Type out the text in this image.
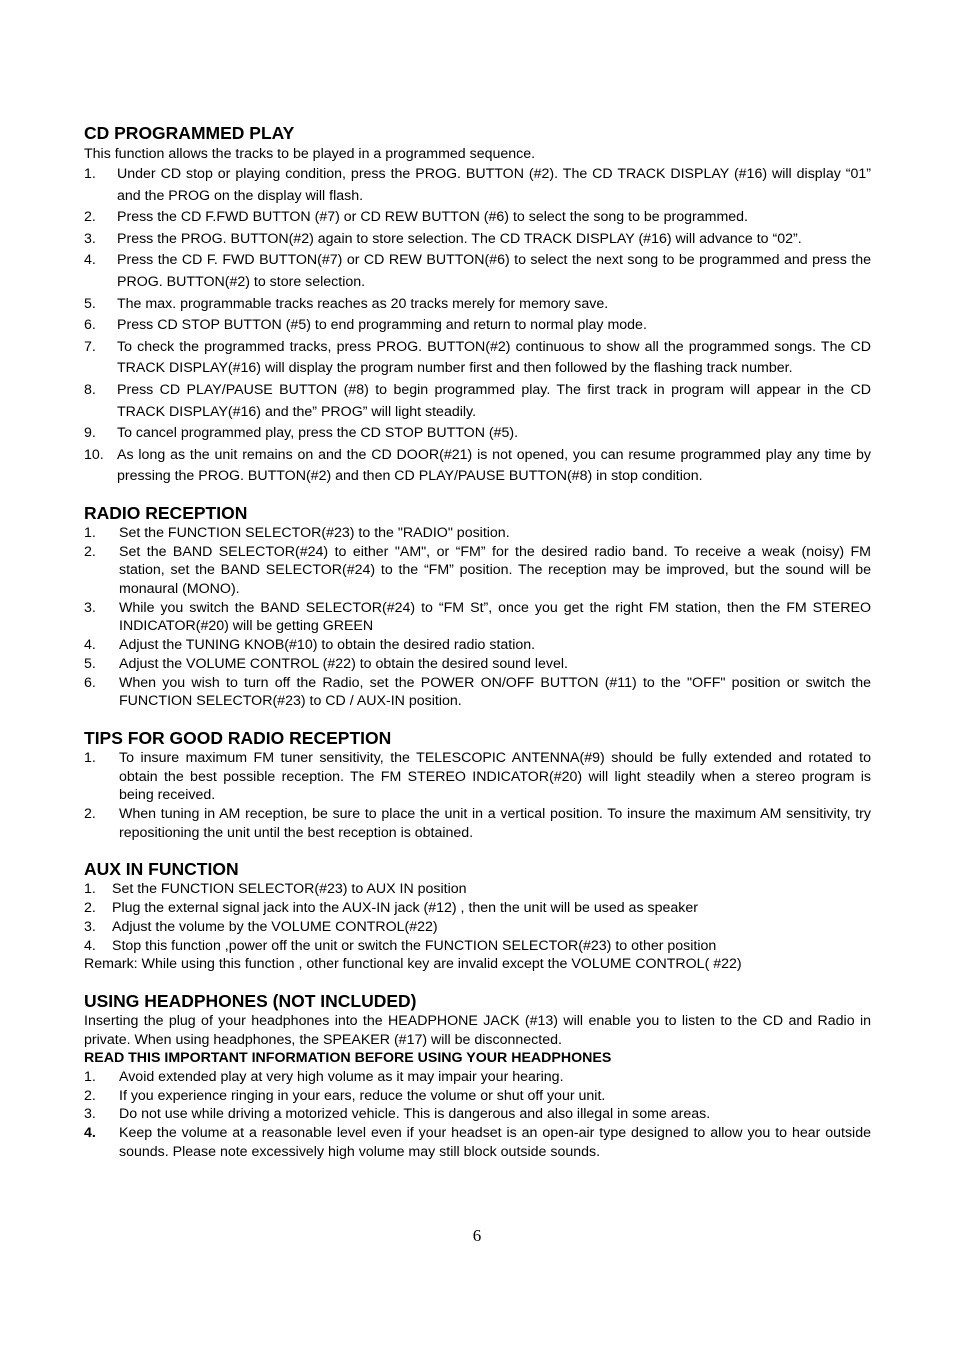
CD PROGRAMMED PLAY

This function allows the tracks to be played in a programmed sequence.

1. Under CD stop or playing condition, press the PROG. BUTTON (#2). The CD TRACK DISPLAY (#16) will display “01” and the PROG on the display will flash.
2. Press the CD F.FWD BUTTON (#7) or CD REW BUTTON (#6) to select the song to be programmed.
3. Press the PROG. BUTTON(#2) again to store selection. The CD TRACK DISPLAY (#16) will advance to “02”.
4. Press the CD F. FWD BUTTON(#7) or CD REW BUTTON(#6) to select the next song to be programmed and press the PROG. BUTTON(#2) to store selection.
5. The max. programmable tracks reaches as 20 tracks merely for memory save.
6. Press CD STOP BUTTON (#5) to end programming and return to normal play mode.
7. To check the programmed tracks, press PROG. BUTTON(#2) continuous to show all the programmed songs. The CD TRACK DISPLAY(#16) will display the program number first and then followed by the flashing track number.
8. Press CD PLAY/PAUSE BUTTON (#8) to begin programmed play. The first track in program will appear in the CD TRACK DISPLAY(#16) and the” PROG” will light steadily.
9. To cancel programmed play, press the CD STOP BUTTON (#5).
10. As long as the unit remains on and the CD DOOR(#21) is not opened, you can resume programmed play any time by pressing the PROG. BUTTON(#2) and then CD PLAY/PAUSE BUTTON(#8) in stop condition.
RADIO RECEPTION
1. Set the FUNCTION SELECTOR(#23) to the "RADIO" position.
2. Set the BAND SELECTOR(#24) to either "AM", or “FM” for the desired radio band. To receive a weak (noisy) FM station, set the BAND SELECTOR(#24) to the “FM” position. The reception may be improved, but the sound will be monaural (MONO).
3. While you switch the BAND SELECTOR(#24) to “FM St”, once you get the right FM station, then the FM STEREO INDICATOR(#20) will be getting GREEN
4. Adjust the TUNING KNOB(#10) to obtain the desired radio station.
5. Adjust the VOLUME CONTROL (#22) to obtain the desired sound level.
6. When you wish to turn off the Radio, set the POWER ON/OFF BUTTON (#11) to the "OFF" position or switch the FUNCTION SELECTOR(#23) to CD / AUX-IN position.
TIPS FOR GOOD RADIO RECEPTION
1. To insure maximum FM tuner sensitivity, the TELESCOPIC ANTENNA(#9) should be fully extended and rotated to obtain the best possible reception. The FM STEREO INDICATOR(#20) will light steadily when a stereo program is being received.
2. When tuning in AM reception, be sure to place the unit in a vertical position. To insure the maximum AM sensitivity, try repositioning the unit until the best reception is obtained.
AUX IN FUNCTION
1. Set the FUNCTION SELECTOR(#23) to AUX IN position
2. Plug the external signal jack into the AUX-IN jack (#12) , then the unit will be used as speaker
3. Adjust the volume by the VOLUME CONTROL(#22)
4. Stop this function ,power off the unit or switch the FUNCTION SELECTOR(#23) to other position

Remark: While using this function , other functional key are invalid except the VOLUME CONTROL( #22)

USING HEADPHONES (NOT INCLUDED)

Inserting the plug of your headphones into the HEADPHONE JACK (#13) will enable you to listen to the CD and Radio in private. When using headphones, the SPEAKER (#17) will be disconnected.

READ THIS IMPORTANT INFORMATION BEFORE USING YOUR HEADPHONES

1. Avoid extended play at very high volume as it may impair your hearing.
2. If you experience ringing in your ears, reduce the volume or shut off your unit.
3. Do not use while driving a motorized vehicle. This is dangerous and also illegal in some areas.
4. Keep the volume at a reasonable level even if your headset is an open-air type designed to allow you to hear outside sounds. Please note excessively high volume may still block outside sounds.
6
